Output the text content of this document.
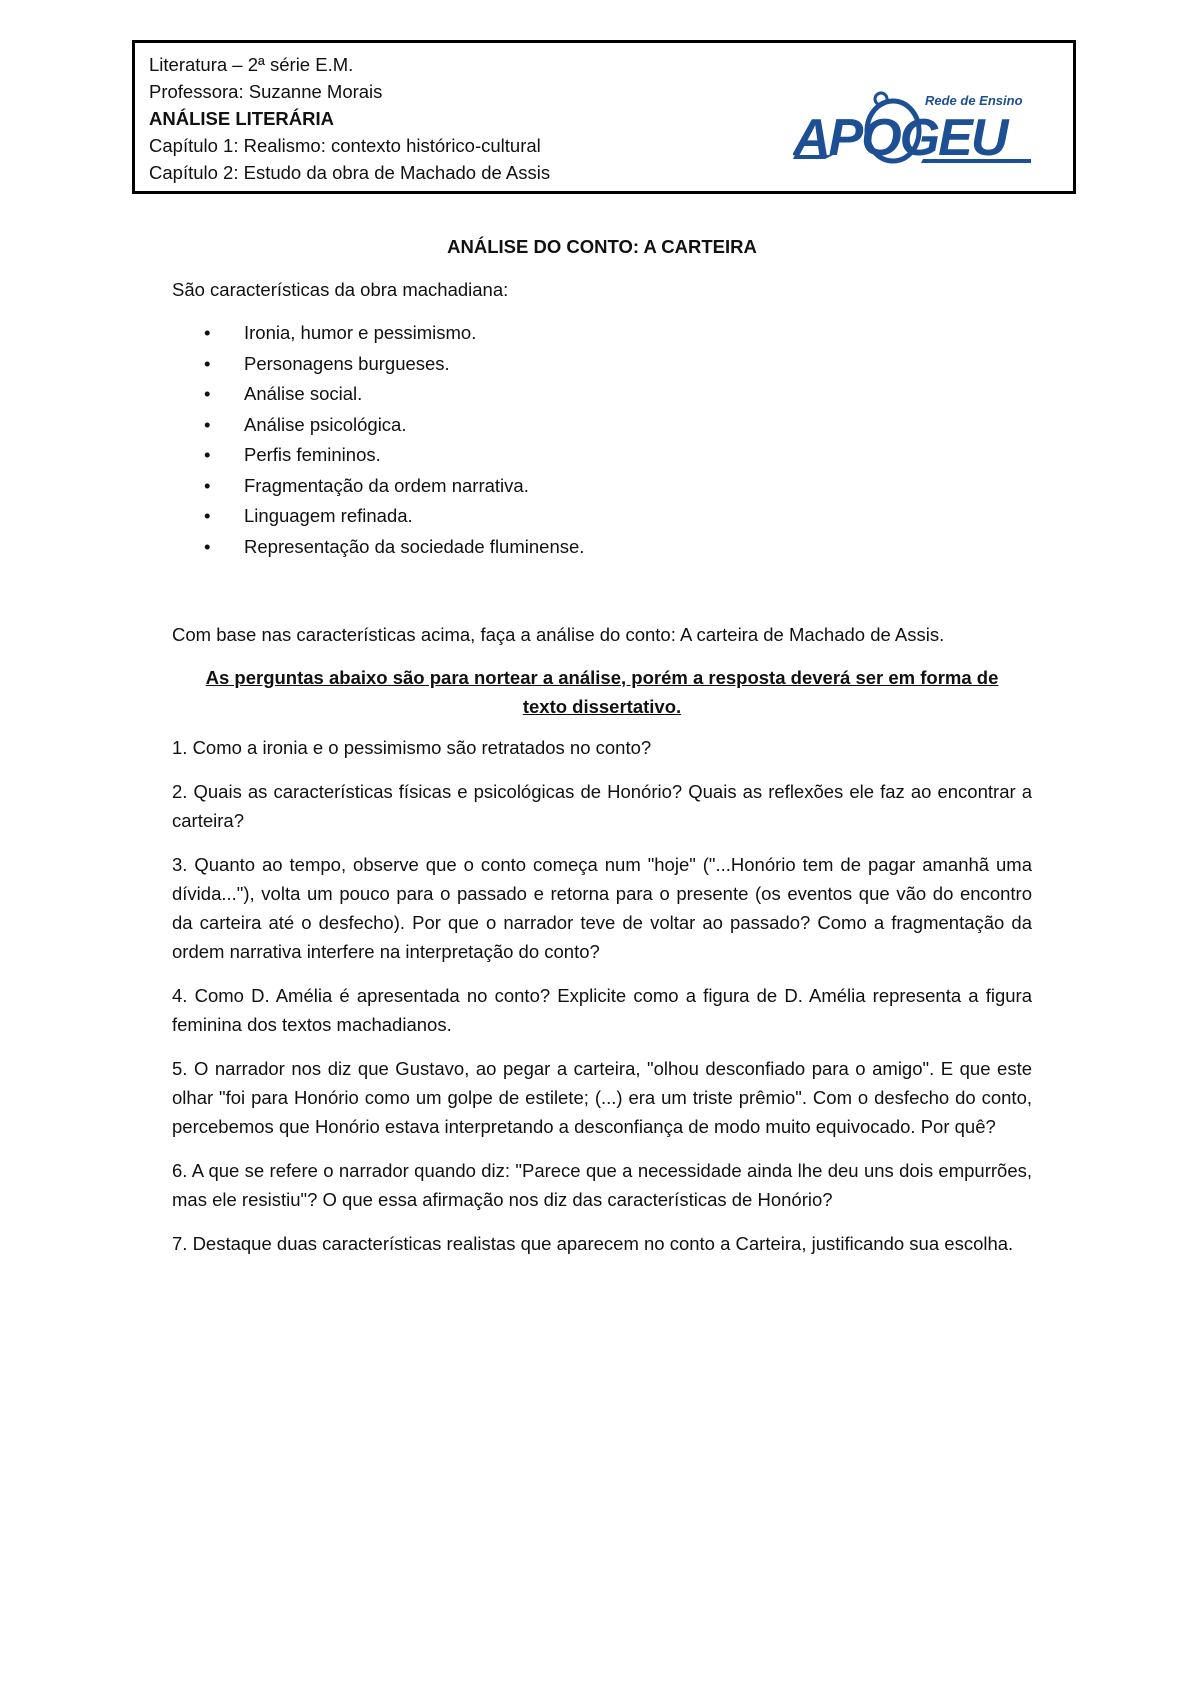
Literatura – 2ª série E.M.
Professora: Suzanne Morais
ANÁLISE LITERÁRIA
Capítulo 1: Realismo: contexto histórico-cultural
Capítulo 2: Estudo da obra de Machado de Assis
APOGEU
Rede de Ensino
ANÁLISE DO CONTO: A CARTEIRA
São características da obra machadiana:
• Ironia, humor e pessimismo.
• Personagens burgueses.
• Análise social.
• Análise psicológica.
• Perfis femininos.
• Fragmentação da ordem narrativa.
• Linguagem refinada.
• Representação da sociedade fluminense.
Com base nas características acima, faça a análise do conto: A carteira de Machado de Assis.
As perguntas abaixo são para nortear a análise, porém a resposta deverá ser em forma de texto dissertativo.
1. Como a ironia e o pessimismo são retratados no conto?
2. Quais as características físicas e psicológicas de Honório? Quais as reflexões ele faz ao encontrar a carteira?
3. Quanto ao tempo, observe que o conto começa num "hoje" ("...Honório tem de pagar amanhã uma dívida..."), volta um pouco para o passado e retorna para o presente (os eventos que vão do encontro da carteira até o desfecho). Por que o narrador teve de voltar ao passado? Como a fragmentação da ordem narrativa interfere na interpretação do conto?
4. Como D. Amélia é apresentada no conto? Explicite como a figura de D. Amélia representa a figura feminina dos textos machadianos.
5. O narrador nos diz que Gustavo, ao pegar a carteira, "olhou desconfiado para o amigo". E que este olhar "foi para Honório como um golpe de estilete; (...) era um triste prêmio". Com o desfecho do conto, percebemos que Honório estava interpretando a desconfiança de modo muito equivocado. Por quê?
6. A que se refere o narrador quando diz: "Parece que a necessidade ainda lhe deu uns dois empurrões, mas ele resistiu"? O que essa afirmação nos diz das características de Honório?
7. Destaque duas características realistas que aparecem no conto a Carteira, justificando sua escolha.
